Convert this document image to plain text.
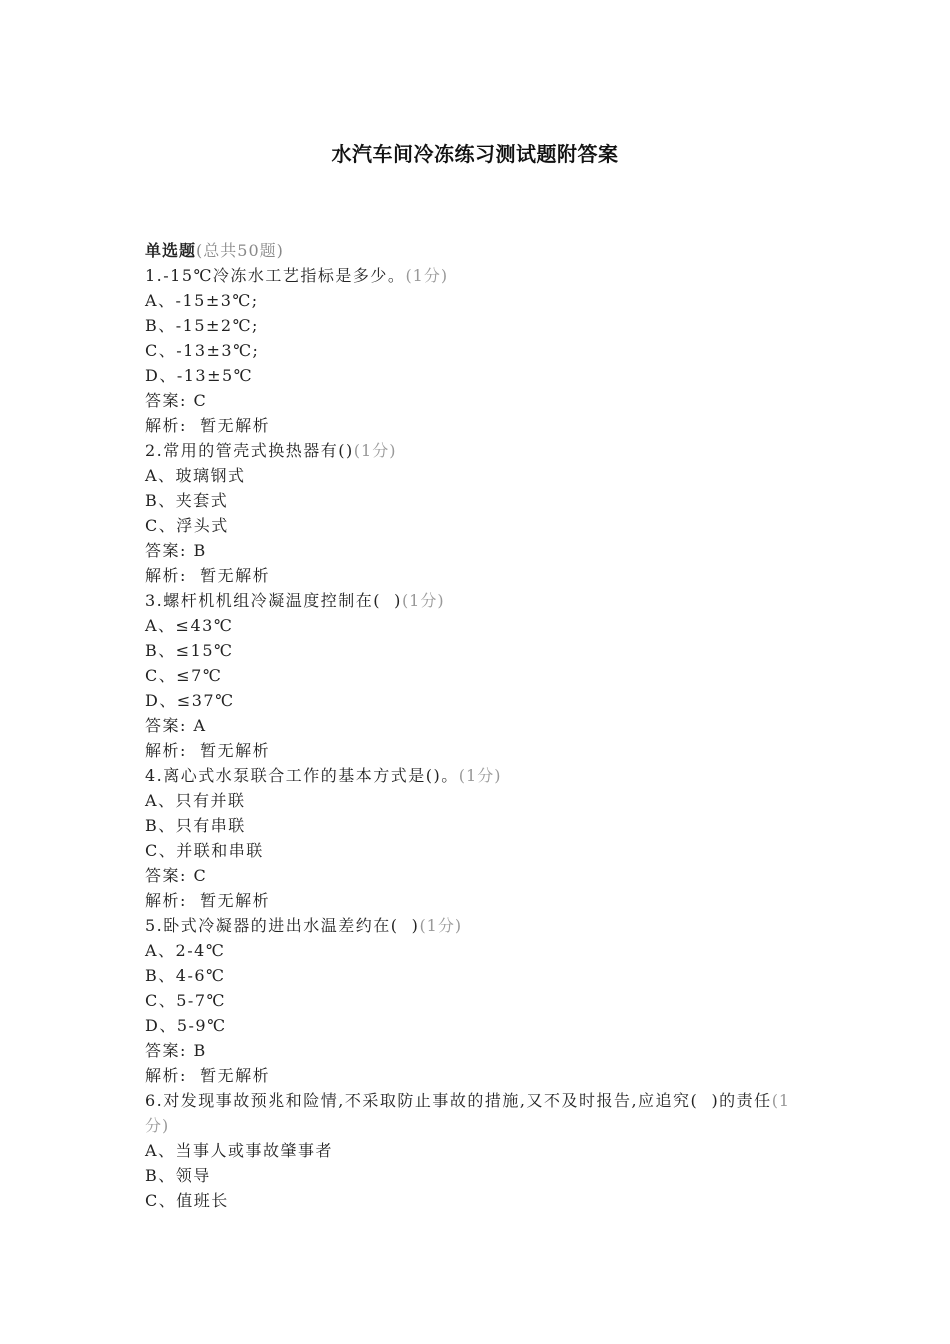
水汽车间冷冻练习测试题附答案
单选题(总共50题)
1.-15℃冷冻水工艺指标是多少。(1分)
A、-15±3℃;
B、-15±2℃;
C、-13±3℃;
D、-13±5℃
答案: C
解析:  暂无解析
2.常用的管壳式换热器有()(1分)
A、玻璃钢式
B、夹套式
C、浮头式
答案: B
解析:  暂无解析
3.螺杆机机组冷凝温度控制在(  )(1分)
A、≤43℃
B、≤15℃
C、≤7℃
D、≤37℃
答案: A
解析:  暂无解析
4.离心式水泵联合工作的基本方式是()。(1分)
A、只有并联
B、只有串联
C、并联和串联
答案: C
解析:  暂无解析
5.卧式冷凝器的进出水温差约在(  )(1分)
A、2-4℃
B、4-6℃
C、5-7℃
D、5-9℃
答案: B
解析:  暂无解析
6.对发现事故预兆和险情,不采取防止事故的措施,又不及时报告,应追究(  )的责任(1分)
A、当事人或事故肇事者
B、领导
C、值班长
